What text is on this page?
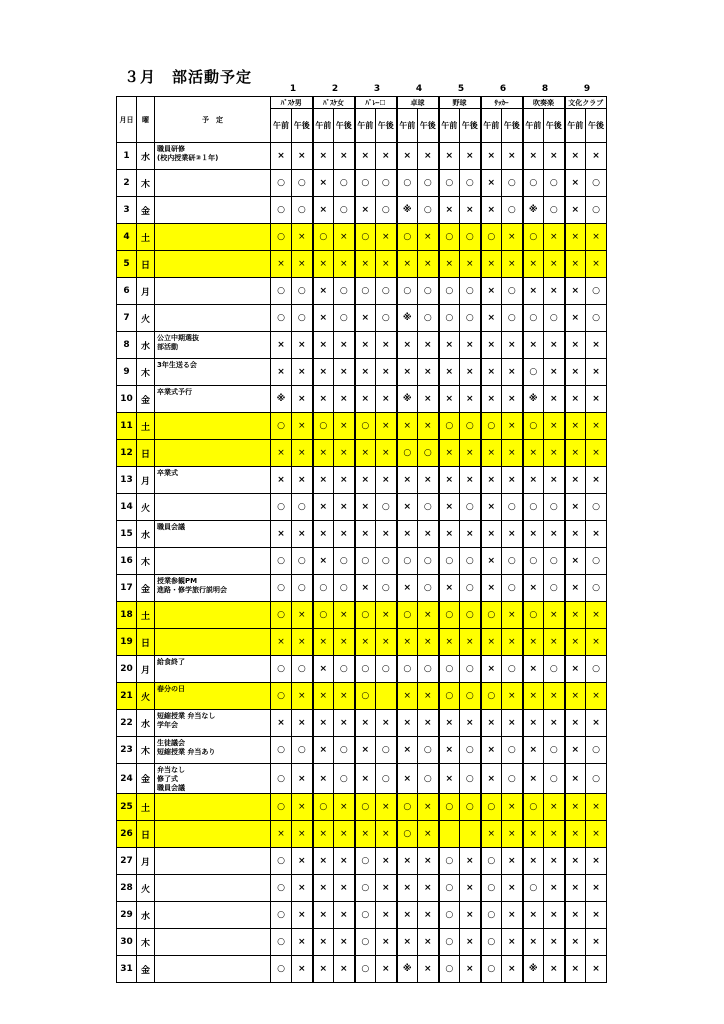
３月　部活動予定
1	2	3	4	5	6	8	9
月日	曜	予　定	ﾊﾞｽｹ男		ﾊﾞｽｹ女		ﾊﾞﾚｰ☐		卓球		野球		ｻｯｶｰ		吹奏楽		文化クラブ	
			午前	午後	午前	午後	午前	午後	午前	午後	午前	午後	午前	午後	午前	午後	午前	午後
1	水	職員研修
(校内授業研③１年)	×	×	×	×	×	×	×	×	×	×	×	×	×	×	×	×
2	木		○	○	×	○	○	○	○	○	○	○	×	○	○	○	×	○
3	金		○	○	×	○	×	○	※	○	×	×	×	○	※	○	×	○
4	土		○	×	○	×	○	×	○	×	○	○	○	×	○	×	×	×
5	日		×	×	×	×	×	×	×	×	×	×	×	×	×	×	×	×
6	月		○	○	×	○	○	○	○	○	○	○	×	○	×	×	×	○
7	火		○	○	×	○	×	○	※	○	○	○	×	○	○	○	×	○
8	水	公立中期選抜
部活動	×	×	×	×	×	×	×	×	×	×	×	×	×	×	×	×
9	木	3年生送る会	×	×	×	×	×	×	×	×	×	×	×	×	○	×	×	×
10	金	卒業式予行	※	×	×	×	×	×	※	×	×	×	×	×	※	×	×	×
11	土		○	×	○	×	○	×	×	×	○	○	○	×	○	×	×	×
12	日		×	×	×	×	×	×	○	○	×	×	×	×	×	×	×	×
13	月	卒業式	×	×	×	×	×	×	×	×	×	×	×	×	×	×	×	×
14	火		○	○	×	×	×	○	×	○	×	○	×	○	○	○	×	○
15	水	職員会議	×	×	×	×	×	×	×	×	×	×	×	×	×	×	×	×
16	木		○	○	×	○	○	○	○	○	○	○	×	○	○	○	×	○
17	金	授業参観PM
進路・修学旅行説明会	○	○	○	○	×	○	×	○	×	○	×	○	×	○	×	○
18	土		○	×	○	×	○	×	○	×	○	○	○	×	○	×	×	×
19	日		×	×	×	×	×	×	×	×	×	×	×	×	×	×	×	×
20	月	給食終了	○	○	×	○	○	○	○	○	○	○	×	○	×	○	×	○
21	火	春分の日	○	×	×	×	○		×	×	○	○	○	×	×	×	×	×
22	水	短縮授業 弁当なし
学年会	×	×	×	×	×	×	×	×	×	×	×	×	×	×	×	×
23	木	生徒議会
短縮授業 弁当あり	○	○	×	○	×	○	×	○	×	○	×	○	×	○	×	○
24	金	弁当なし
修了式
職員会議	○	×	×	○	×	○	×	○	×	○	×	○	×	○	×	○
25	土		○	×	○	×	○	×	○	×	○	○	○	×	○	×	×	×
26	日		×	×	×	×	×	×	○	×			×	×	×	×	×	×
27	月		○	×	×	×	○	×	×	×	○	×	○	×	×	×	×	×
28	火		○	×	×	×	○	×	×	×	○	×	○	×	○	×	×	×
29	水		○	×	×	×	○	×	×	×	○	×	○	×	×	×	×	×
30	木		○	×	×	×	○	×	×	×	○	×	○	×	×	×	×	×
31	金		○	×	×	×	○	×	※	×	○	×	○	×	※	×	×	×
